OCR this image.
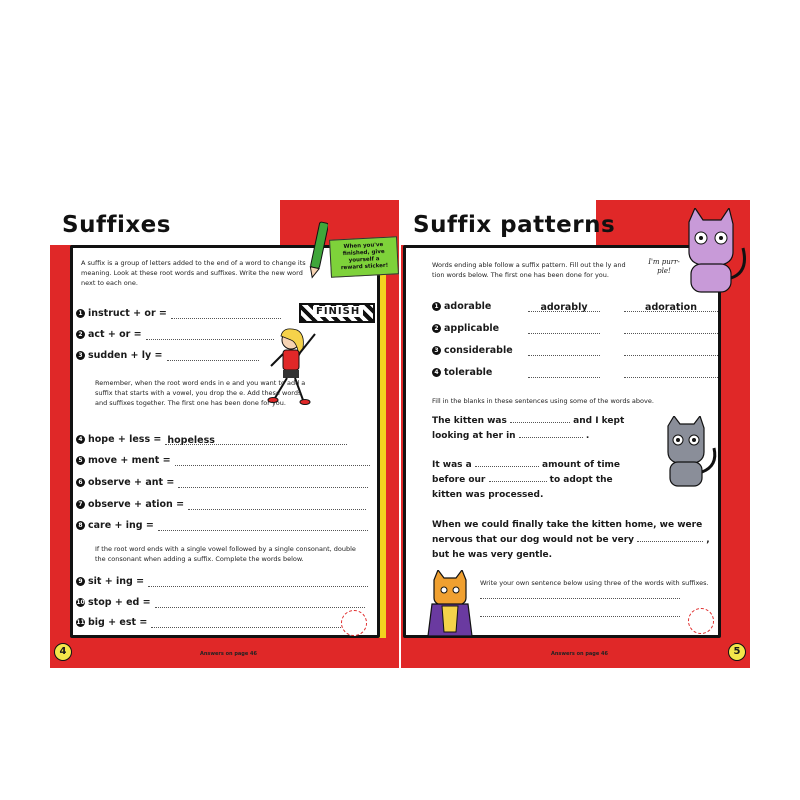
Suffixes
A suffix is a group of letters added to the end of a word to change its meaning. Look at these root words and suffixes. Write the new word next to each one.
1 instruct + or =
2 act + or =
3 sudden + ly =
FINISH
Remember, when the root word ends in e and you want to add a suffix that starts with a vowel, you drop the e. Add these words and suffixes together. The first one has been done for you.
4 hope + less = hopeless
5 move + ment =
6 observe + ant =
7 observe + ation =
8 care + ing =
If the root word ends with a single vowel followed by a single consonant, double the consonant when adding a suffix. Complete the words below.
9 sit + ing =
10 stop + ed =
11 big + est =
When you've finished, give yourself a reward sticker!
4	Answers on page 46
Suffix patterns
Words ending able follow a suffix pattern. Fill out the ly and tion words below. The first one has been done for you.
1 adorable	adorably	adoration
2 applicable
3 considerable
4 tolerable
Fill in the blanks in these sentences using some of the words above.
The kitten was	and I kept
looking at her in	.
It was a	amount of time
before our	to adopt the
kitten was processed.
When we could finally take the kitten home, we were
nervous that our dog would not be very	,
but he was very gentle.
Write your own sentence below using three of the words with suffixes.
I'm purr-ple!
Answers on page 46	5
